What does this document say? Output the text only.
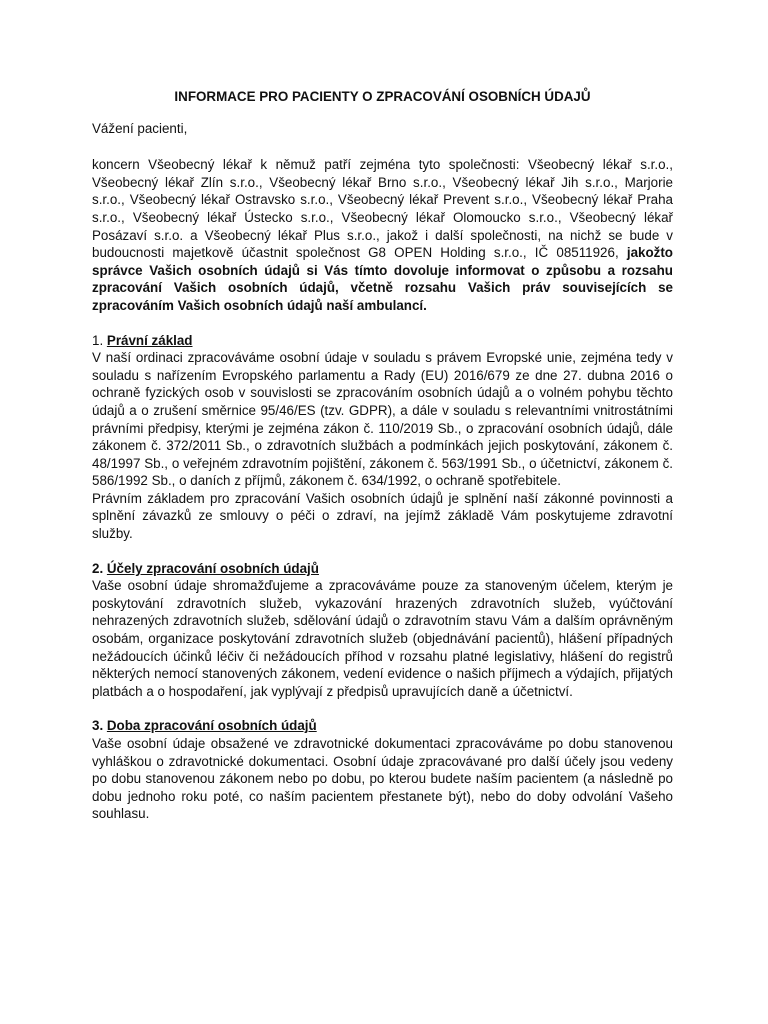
INFORMACE PRO PACIENTY O ZPRACOVÁNÍ OSOBNÍCH ÚDAJŮ

Vážení pacienti,

koncern Všeobecný lékař k němuž patří zejména tyto společnosti: Všeobecný lékař s.r.o., Všeobecný lékař Zlín s.r.o., Všeobecný lékař Brno s.r.o., Všeobecný lékař Jih s.r.o., Marjorie s.r.o., Všeobecný lékař Ostravsko s.r.o., Všeobecný lékař Prevent s.r.o., Všeobecný lékař Praha s.r.o., Všeobecný lékař Ústecko s.r.o., Všeobecný lékař Olomoucko s.r.o., Všeobecný lékař Posázaví s.r.o. a Všeobecný lékař Plus s.r.o., jakož i další společnosti, na nichž se bude v budoucnosti majetkově účastnit společnost G8 OPEN Holding s.r.o., IČ 08511926, jakožto správce Vašich osobních údajů si Vás tímto dovoluje informovat o způsobu a rozsahu zpracování Vašich osobních údajů, včetně rozsahu Vašich práv souvisejících se zpracováním Vašich osobních údajů naší ambulancí.

1. Právní základ

V naší ordinaci zpracováváme osobní údaje v souladu s právem Evropské unie, zejména tedy v souladu s nařízením Evropského parlamentu a Rady (EU) 2016/679 ze dne 27. dubna 2016 o ochraně fyzických osob v souvislosti se zpracováním osobních údajů a o volném pohybu těchto údajů a o zrušení směrnice 95/46/ES (tzv. GDPR), a dále v souladu s relevantními vnitrostátními právními předpisy, kterými je zejména zákon č. 110/2019 Sb., o zpracování osobních údajů, dále zákonem č. 372/2011 Sb., o zdravotních službách a podmínkách jejich poskytování, zákonem č. 48/1997 Sb., o veřejném zdravotním pojištění, zákonem č. 563/1991 Sb., o účetnictví, zákonem č. 586/1992 Sb., o daních z příjmů, zákonem č. 634/1992, o ochraně spotřebitele.

Právním základem pro zpracování Vašich osobních údajů je splnění naší zákonné povinnosti a splnění závazků ze smlouvy o péči o zdraví, na jejímž základě Vám poskytujeme zdravotní služby.

2. Účely zpracování osobních údajů

Vaše osobní údaje shromažďujeme a zpracováváme pouze za stanoveným účelem, kterým je poskytování zdravotních služeb, vykazování hrazených zdravotních služeb, vyúčtování nehrazených zdravotních služeb, sdělování údajů o zdravotním stavu Vám a dalším oprávněným osobám, organizace poskytování zdravotních služeb (objednávání pacientů), hlášení případných nežádoucích účinků léčiv či nežádoucích příhod v rozsahu platné legislativy, hlášení do registrů některých nemocí stanovených zákonem, vedení evidence o našich příjmech a výdajích, přijatých platbách a o hospodaření, jak vyplývají z předpisů upravujících daně a účetnictví.

3. Doba zpracování osobních údajů

Vaše osobní údaje obsažené ve zdravotnické dokumentaci zpracováváme po dobu stanovenou vyhláškou o zdravotnické dokumentaci. Osobní údaje zpracovávané pro další účely jsou vedeny po dobu stanovenou zákonem nebo po dobu, po kterou budete naším pacientem (a následně po dobu jednoho roku poté, co naším pacientem přestanete být), nebo do doby odvolání Vašeho souhlasu.
